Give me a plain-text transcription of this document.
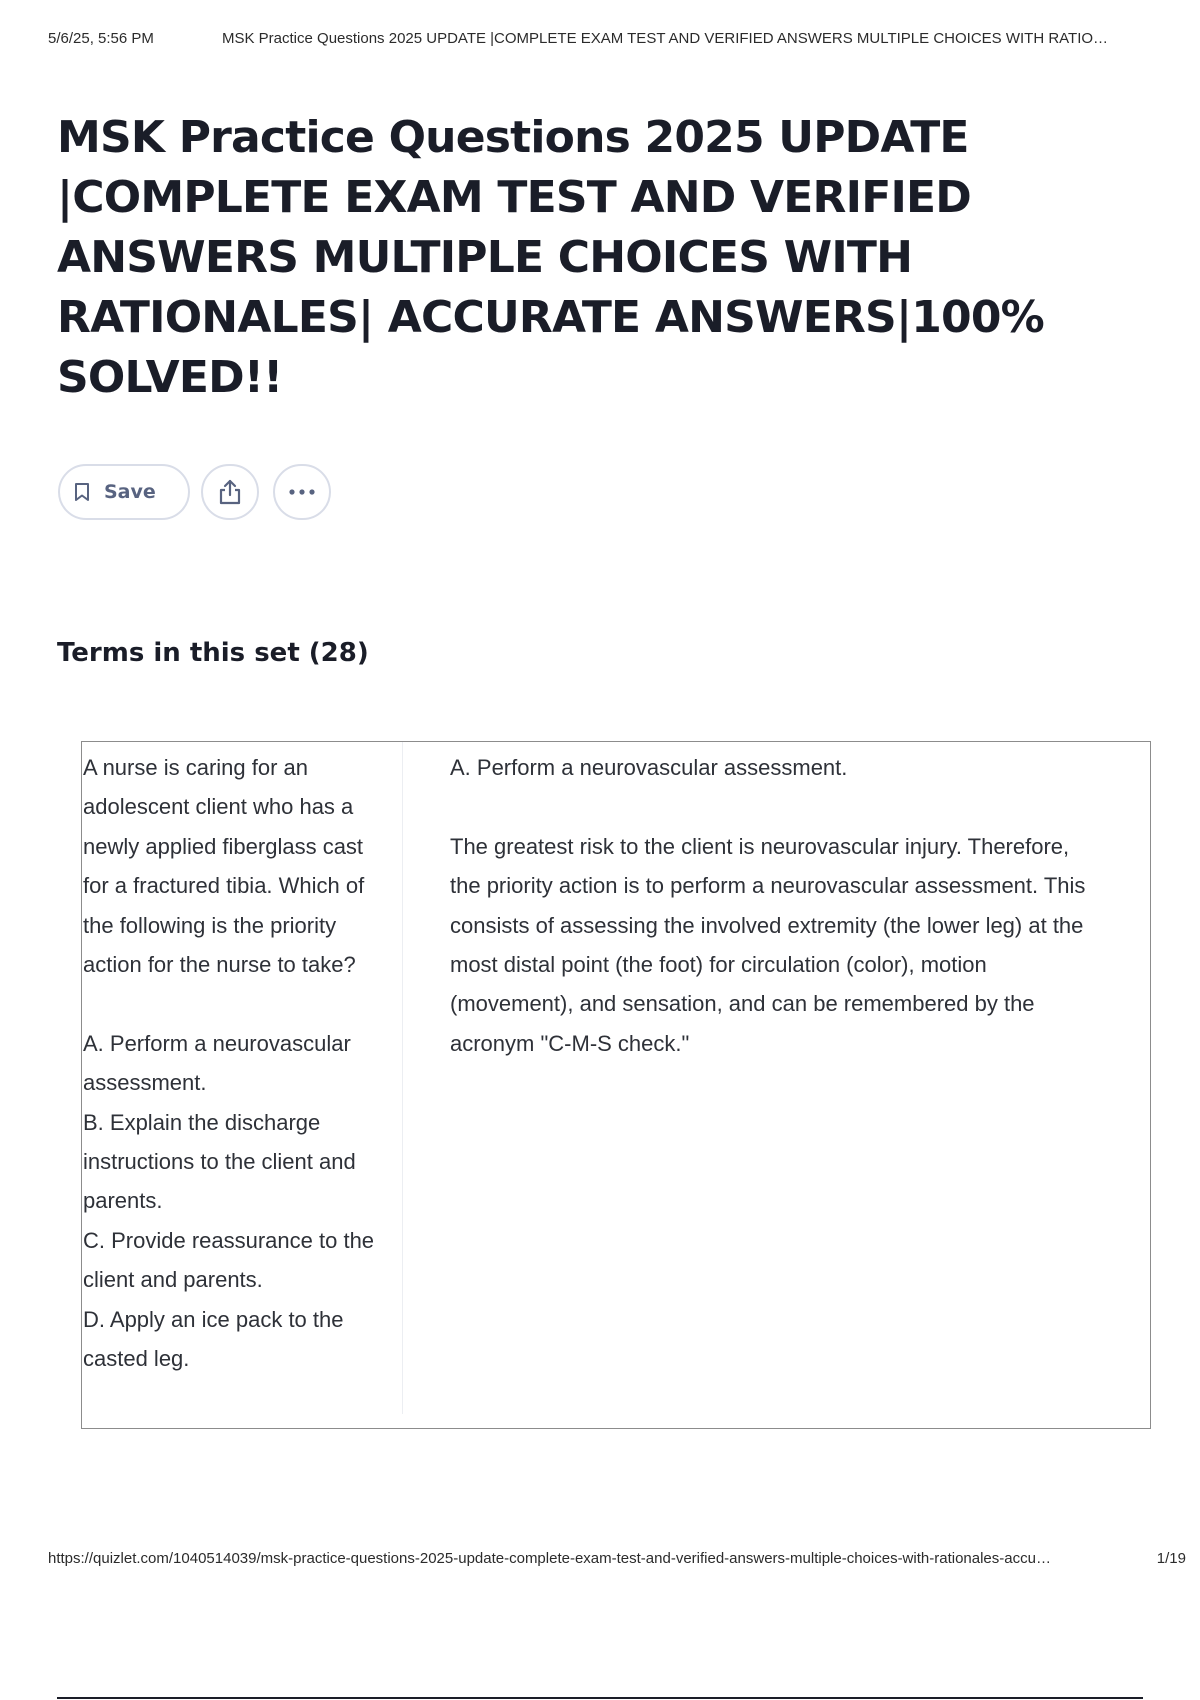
5/6/25, 5:56 PM	MSK Practice Questions 2025 UPDATE |COMPLETE EXAM TEST AND VERIFIED ANSWERS MULTIPLE CHOICES WITH RATIO…
MSK Practice Questions 2025 UPDATE |COMPLETE EXAM TEST AND VERIFIED ANSWERS MULTIPLE CHOICES WITH RATIONALES| ACCURATE ANSWERS|100% SOLVED!!
Save
Terms in this set (28)
A nurse is caring for an adolescent client who has a newly applied fiberglass cast for a fractured tibia. Which of the following is the priority action for the nurse to take?

A. Perform a neurovascular assessment.
B. Explain the discharge instructions to the client and parents.
C. Provide reassurance to the client and parents.
D. Apply an ice pack to the casted leg.
A. Perform a neurovascular assessment.

The greatest risk to the client is neurovascular injury. Therefore, the priority action is to perform a neurovascular assessment. This consists of assessing the involved extremity (the lower leg) at the most distal point (the foot) for circulation (color), motion (movement), and sensation, and can be remembered by the acronym "C-M-S check."
https://quizlet.com/1040514039/msk-practice-questions-2025-update-complete-exam-test-and-verified-answers-multiple-choices-with-rationales-accu…	1/19
